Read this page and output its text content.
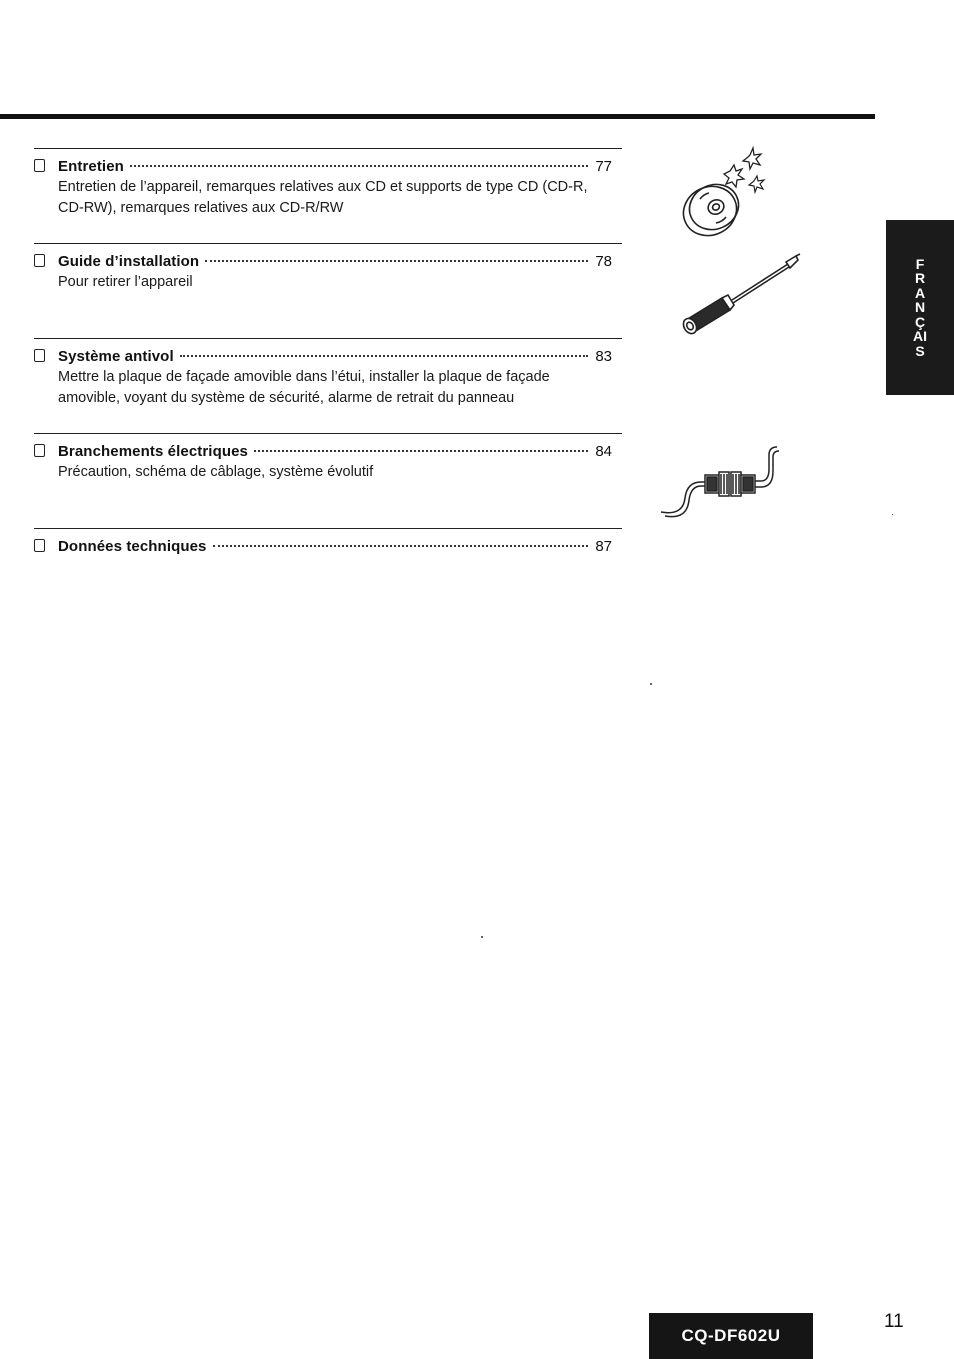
Entretien	77
Entretien de l’appareil, remarques relatives aux CD et supports de type CD (CD-R, CD-RW), remarques relatives aux CD-R/RW
Guide d’installation	78
Pour retirer l’appareil
Système antivol	83
Mettre la plaque de façade amovible dans l’étui, installer la plaque de façade amovible, voyant du système de sécurité, alarme de retrait du panneau
Branchements électriques	84
Précaution, schéma de câblage, système évolutif
Données techniques	87
FRANÇAIS
CQ-DF602U
11
